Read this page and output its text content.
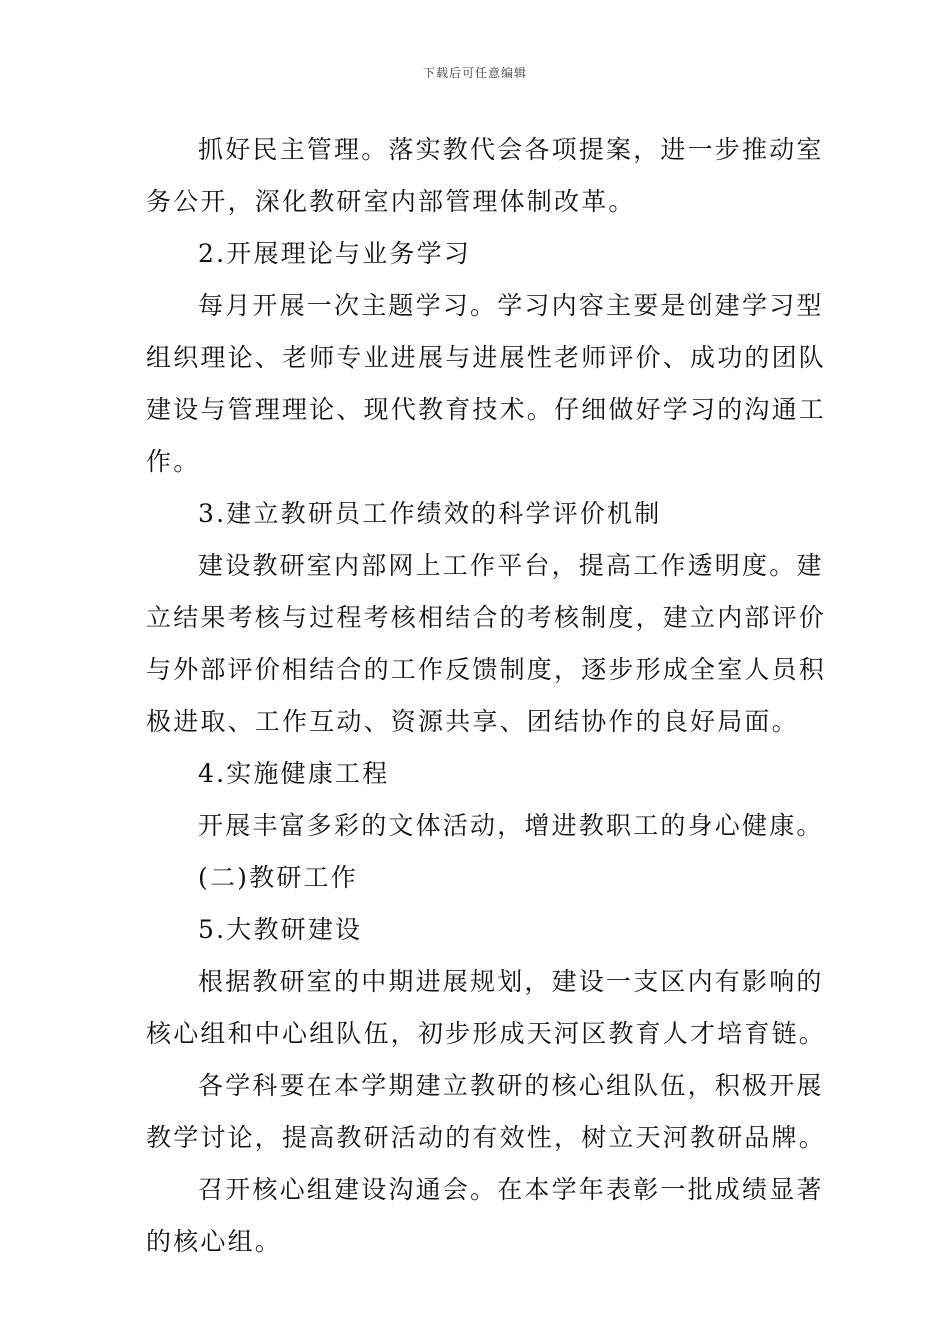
下载后可任意编辑
抓好民主管理。落实教代会各项提案，进一步推动室
务公开，深化教研室内部管理体制改革。
2.开展理论与业务学习
每月开展一次主题学习。学习内容主要是创建学习型
组织理论、老师专业进展与进展性老师评价、成功的团队
建设与管理理论、现代教育技术。仔细做好学习的沟通工
作。
3.建立教研员工作绩效的科学评价机制
建设教研室内部网上工作平台，提高工作透明度。建
立结果考核与过程考核相结合的考核制度，建立内部评价
与外部评价相结合的工作反馈制度，逐步形成全室人员积
极进取、工作互动、资源共享、团结协作的良好局面。
4.实施健康工程
开展丰富多彩的文体活动，增进教职工的身心健康。
(二)教研工作
5.大教研建设
根据教研室的中期进展规划，建设一支区内有影响的
核心组和中心组队伍，初步形成天河区教育人才培育链。
各学科要在本学期建立教研的核心组队伍，积极开展
教学讨论，提高教研活动的有效性，树立天河教研品牌。
召开核心组建设沟通会。在本学年表彰一批成绩显著
的核心组。
